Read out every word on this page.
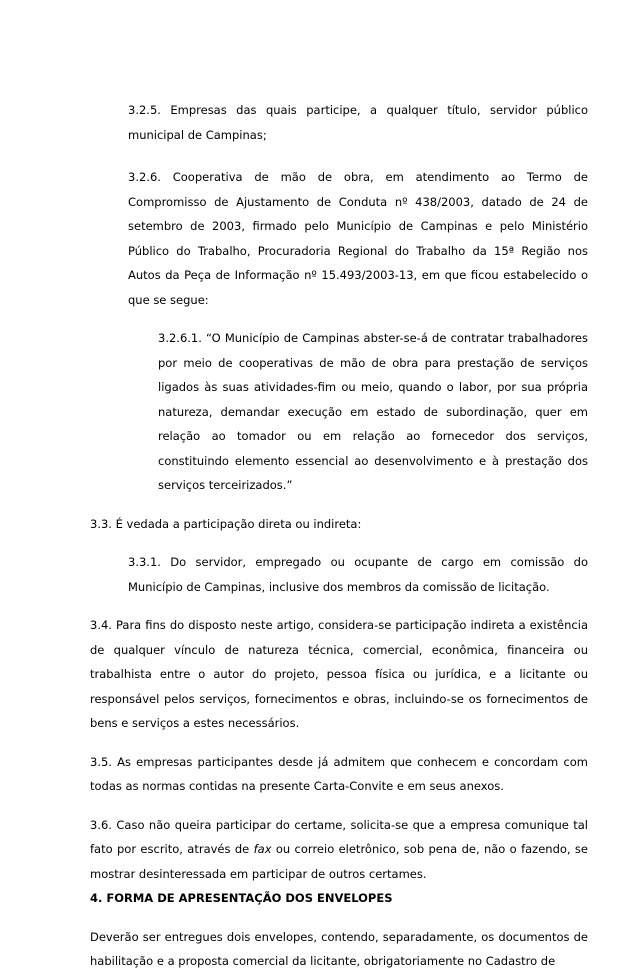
3.2.5. Empresas das quais participe, a qualquer título, servidor público municipal de Campinas;

3.2.6. Cooperativa de mão de obra, em atendimento ao Termo de Compromisso de Ajustamento de Conduta nº 438/2003, datado de 24 de setembro de 2003, firmado pelo Município de Campinas e pelo Ministério Público do Trabalho, Procuradoria Regional do Trabalho da 15ª Região nos Autos da Peça de Informação nº 15.493/2003-13, em que ficou estabelecido o que se segue:

3.2.6.1. “O Município de Campinas abster-se-á de contratar trabalhadores por meio de cooperativas de mão de obra para prestação de serviços ligados às suas atividades-fim ou meio, quando o labor, por sua própria natureza, demandar execução em estado de subordinação, quer em relação ao tomador ou em relação ao fornecedor dos serviços, constituindo elemento essencial ao desenvolvimento e à prestação dos serviços terceirizados.”

3.3. É vedada a participação direta ou indireta:

3.3.1. Do servidor, empregado ou ocupante de cargo em comissão do Município de Campinas, inclusive dos membros da comissão de licitação.

3.4. Para fins do disposto neste artigo, considera-se participação indireta a existência de qualquer vínculo de natureza técnica, comercial, econômica, financeira ou trabalhista entre o autor do projeto, pessoa física ou jurídica, e a licitante ou responsável pelos serviços, fornecimentos e obras, incluindo-se os fornecimentos de bens e serviços a estes necessários.

3.5. As empresas participantes desde já admitem que conhecem e concordam com todas as normas contidas na presente Carta-Convite e em seus anexos.

3.6. Caso não queira participar do certame, solicita-se que a empresa comunique tal fato por escrito, através de fax ou correio eletrônico, sob pena de, não o fazendo, se mostrar desinteressada em participar de outros certames.

4. FORMA DE APRESENTAÇÃO DOS ENVELOPES

Deverão ser entregues dois envelopes, contendo, separadamente, os documentos de habilitação e a proposta comercial da licitante, obrigatoriamente no Cadastro de
